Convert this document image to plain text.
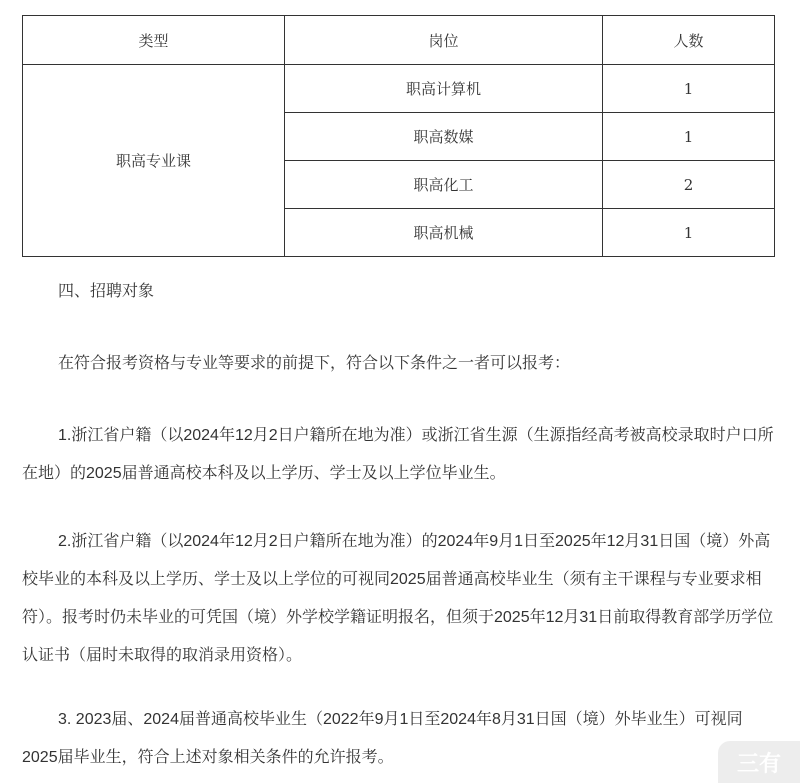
类型	岗位	人数
职高专业课	职高计算机	1
	职高数媒	1
	职高化工	2
	职高机械	1
四、招聘对象

在符合报考资格与专业等要求的前提下，符合以下条件之一者可以报考：

1.浙江省户籍（以2024年12月2日户籍所在地为准）或浙江省生源（生源指经高考被高校录取时户口所在地）的2025届普通高校本科及以上学历、学士及以上学位毕业生。

2.浙江省户籍（以2024年12月2日户籍所在地为准）的2024年9月1日至2025年12月31日国（境）外高校毕业的本科及以上学历、学士及以上学位的可视同2025届普通高校毕业生（须有主干课程与专业要求相符）。报考时仍未毕业的可凭国（境）外学校学籍证明报名，但须于2025年12月31日前取得教育部学历学位认证书（届时未取得的取消录用资格）。

3. 2023届、2024届普通高校毕业生（2022年9月1日至2024年8月31日国（境）外毕业生）可视同2025届毕业生，符合上述对象相关条件的允许报考。	三有
